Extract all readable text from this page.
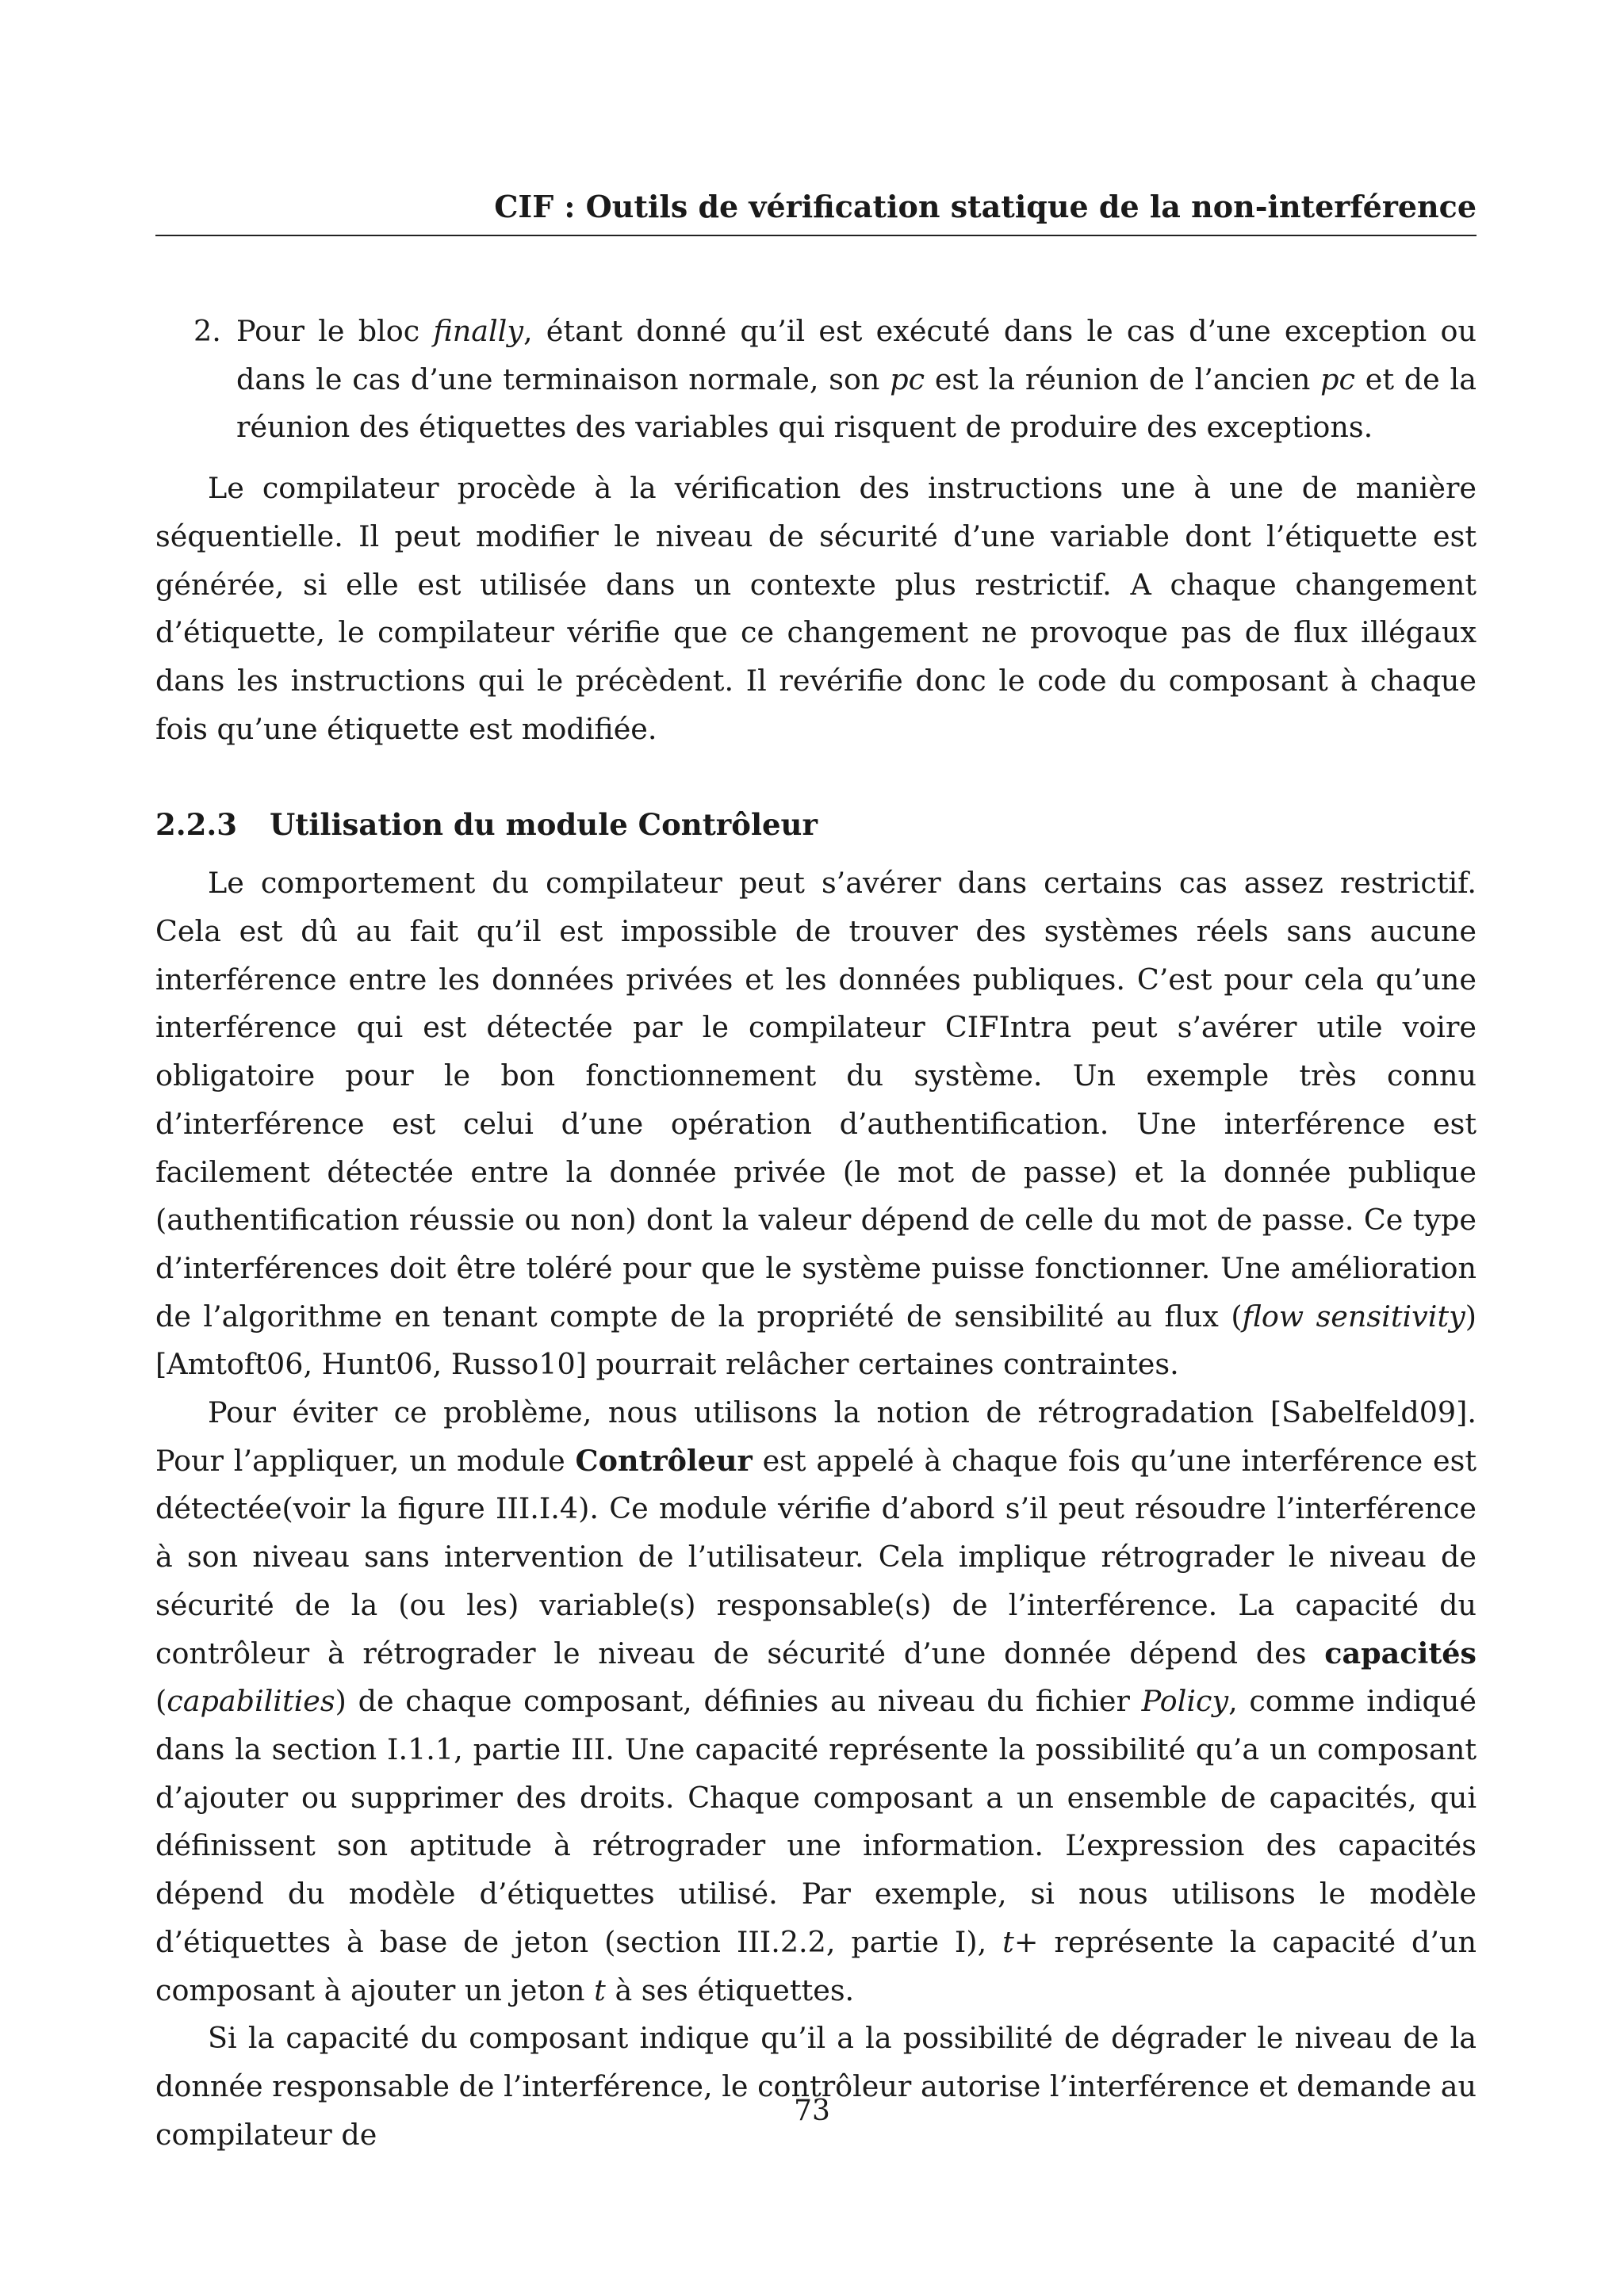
CIF : Outils de vérification statique de la non-interférence
2. Pour le bloc finally, étant donné qu’il est exécuté dans le cas d’une exception ou dans le cas d’une terminaison normale, son pc est la réunion de l’ancien pc et de la réunion des étiquettes des variables qui risquent de produire des exceptions.

Le compilateur procède à la vérification des instructions une à une de manière séquentielle. Il peut modifier le niveau de sécurité d’une variable dont l’étiquette est générée, si elle est utilisée dans un contexte plus restrictif. A chaque changement d’étiquette, le compilateur vérifie que ce changement ne provoque pas de flux illégaux dans les instructions qui le précèdent. Il revérifie donc le code du composant à chaque fois qu’une étiquette est modifiée.

2.2.3 Utilisation du module Contrôleur

Le comportement du compilateur peut s’avérer dans certains cas assez restrictif. Cela est dû au fait qu’il est impossible de trouver des systèmes réels sans aucune interférence entre les données privées et les données publiques. C’est pour cela qu’une interférence qui est détectée par le compilateur CIFIntra peut s’avérer utile voire obligatoire pour le bon fonctionnement du système. Un exemple très connu d’interférence est celui d’une opération d’authentification. Une interférence est facilement détectée entre la donnée privée (le mot de passe) et la donnée publique (authentification réussie ou non) dont la valeur dépend de celle du mot de passe. Ce type d’interférences doit être toléré pour que le système puisse fonctionner. Une amélioration de l’algorithme en tenant compte de la propriété de sensibilité au flux (flow sensitivity) [Amtoft06, Hunt06, Russo10] pourrait relâcher certaines contraintes.

Pour éviter ce problème, nous utilisons la notion de rétrogradation [Sabelfeld09]. Pour l’appliquer, un module Contrôleur est appelé à chaque fois qu’une interférence est détectée(voir la figure III.I.4). Ce module vérifie d’abord s’il peut résoudre l’interférence à son niveau sans intervention de l’utilisateur. Cela implique rétrograder le niveau de sécurité de la (ou les) variable(s) responsable(s) de l’interférence. La capacité du contrôleur à rétrograder le niveau de sécurité d’une donnée dépend des capacités (capabilities) de chaque composant, définies au niveau du fichier Policy, comme indiqué dans la section I.1.1, partie III. Une capacité représente la possibilité qu’a un composant d’ajouter ou supprimer des droits. Chaque composant a un ensemble de capacités, qui définissent son aptitude à rétrograder une information. L’expression des capacités dépend du modèle d’étiquettes utilisé. Par exemple, si nous utilisons le modèle d’étiquettes à base de jeton (section III.2.2, partie I), t+ représente la capacité d’un composant à ajouter un jeton t à ses étiquettes.

Si la capacité du composant indique qu’il a la possibilité de dégrader le niveau de la donnée responsable de l’interférence, le contrôleur autorise l’interférence et demande au compilateur de

73
